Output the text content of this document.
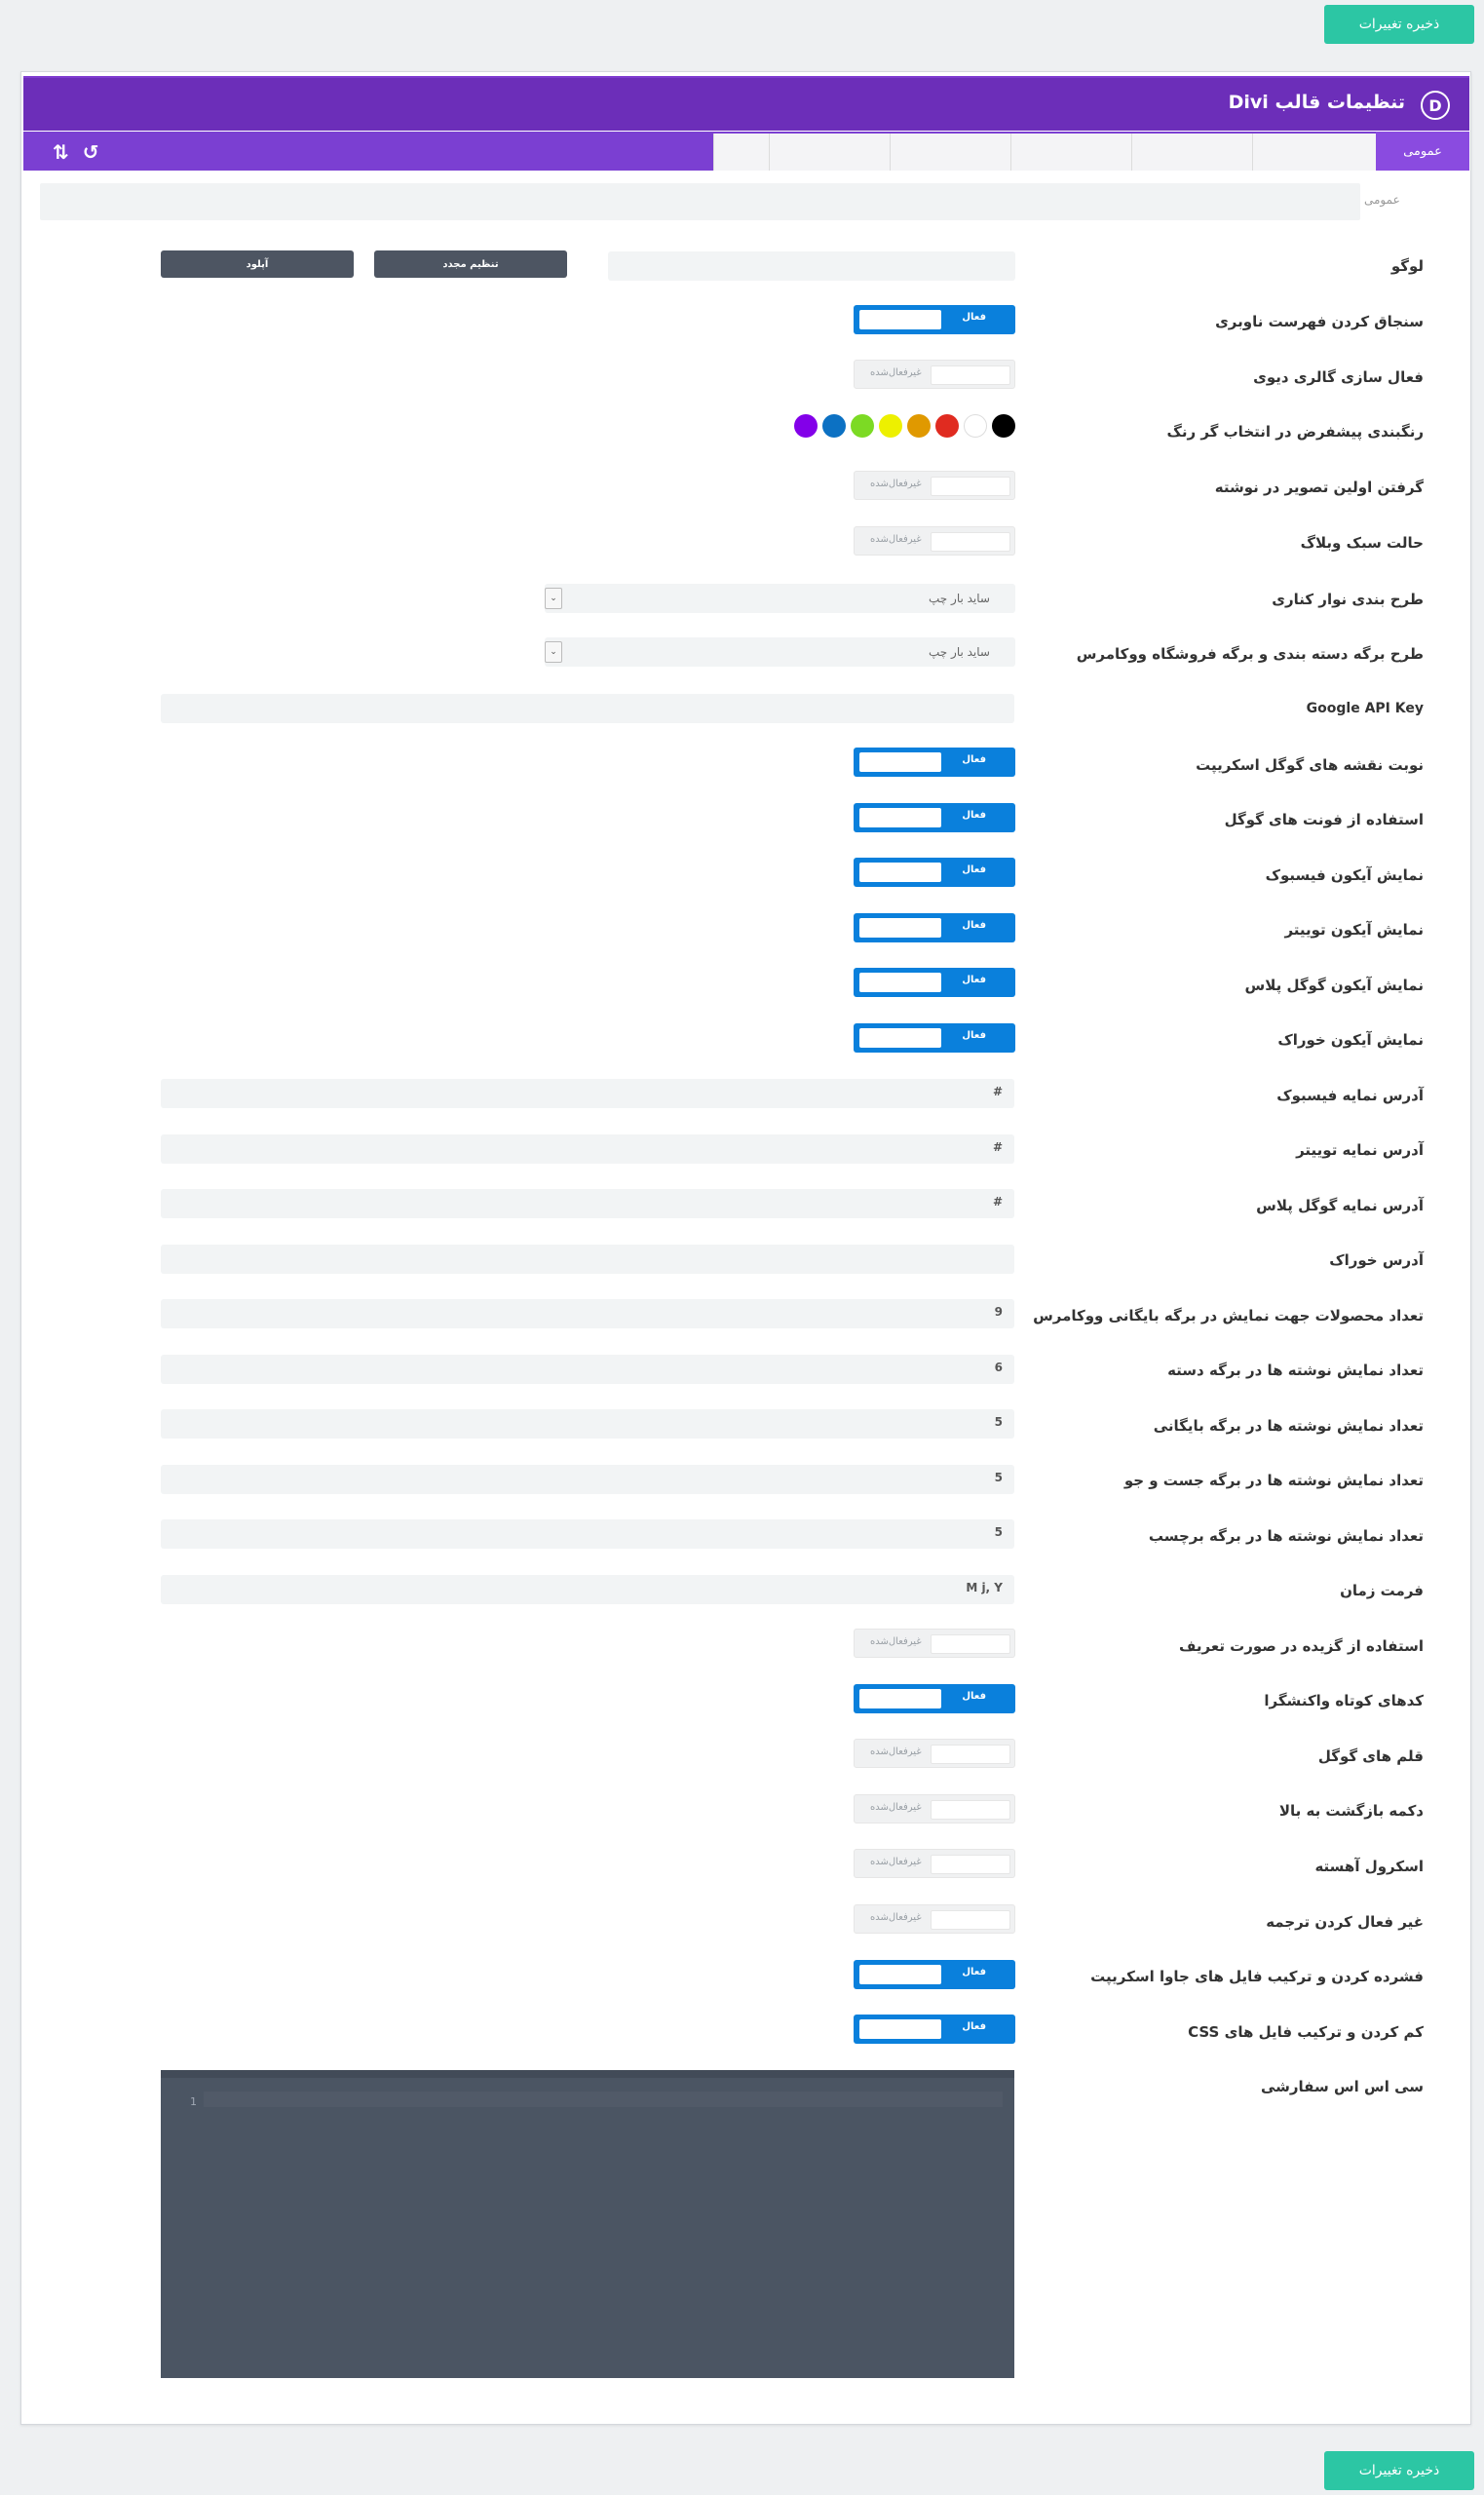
ذخیره تغییرات
D
تنظیمات قالب Divi
عمومی
⇅ ↺
عمومی
لوگو
تنظیم مجدد
آپلود
سنجاق کردن فهرست ناوبری
فعال
فعال سازی گالری دیوی
غیرفعال‌شده
رنگبندی پیشفرض در انتخاب گر رنگ
گرفتن اولین تصویر در نوشته
غیرفعال‌شده
حالت سبک وبلاگ
غیرفعال‌شده
طرح بندی نوار کناری
ساید بار چپ
⌄
طرح برگه دسته بندی و برگه فروشگاه ووکامرس
ساید بار چپ
⌄
Google API Key
نوبت نقشه های گوگل اسکریپت
فعال
استفاده از فونت های گوگل
فعال
نمایش آیکون فیسبوک
فعال
نمایش آیکون توییتر
فعال
نمایش آیکون گوگل پلاس
فعال
نمایش آیکون خوراک
فعال
آدرس نمایه فیسبوک
#
آدرس نمایه توییتر
#
آدرس نمایه گوگل پلاس
#
آدرس خوراک
تعداد محصولات جهت نمایش در برگه بایگانی ووکامرس
9
تعداد نمایش نوشته ها در برگه دسته
6
تعداد نمایش نوشته ها در برگه بایگانی
5
تعداد نمایش نوشته ها در برگه جست و جو
5
تعداد نمایش نوشته ها در برگه برچسب
5
فرمت زمان
M j, Y
استفاده از گزیده در صورت تعریف
غیرفعال‌شده
کدهای کوتاه واکنشگرا
فعال
قلم های گوگل
غیرفعال‌شده
دکمه بازگشت به بالا
غیرفعال‌شده
اسکرول آهسته
غیرفعال‌شده
غیر فعال کردن ترجمه
غیرفعال‌شده
فشرده کردن و ترکیب فایل های جاوا اسکریپت
فعال
کم کردن و ترکیب فایل های CSS
فعال
سی اس اس سفارشی
1
ذخیره تغییرات
